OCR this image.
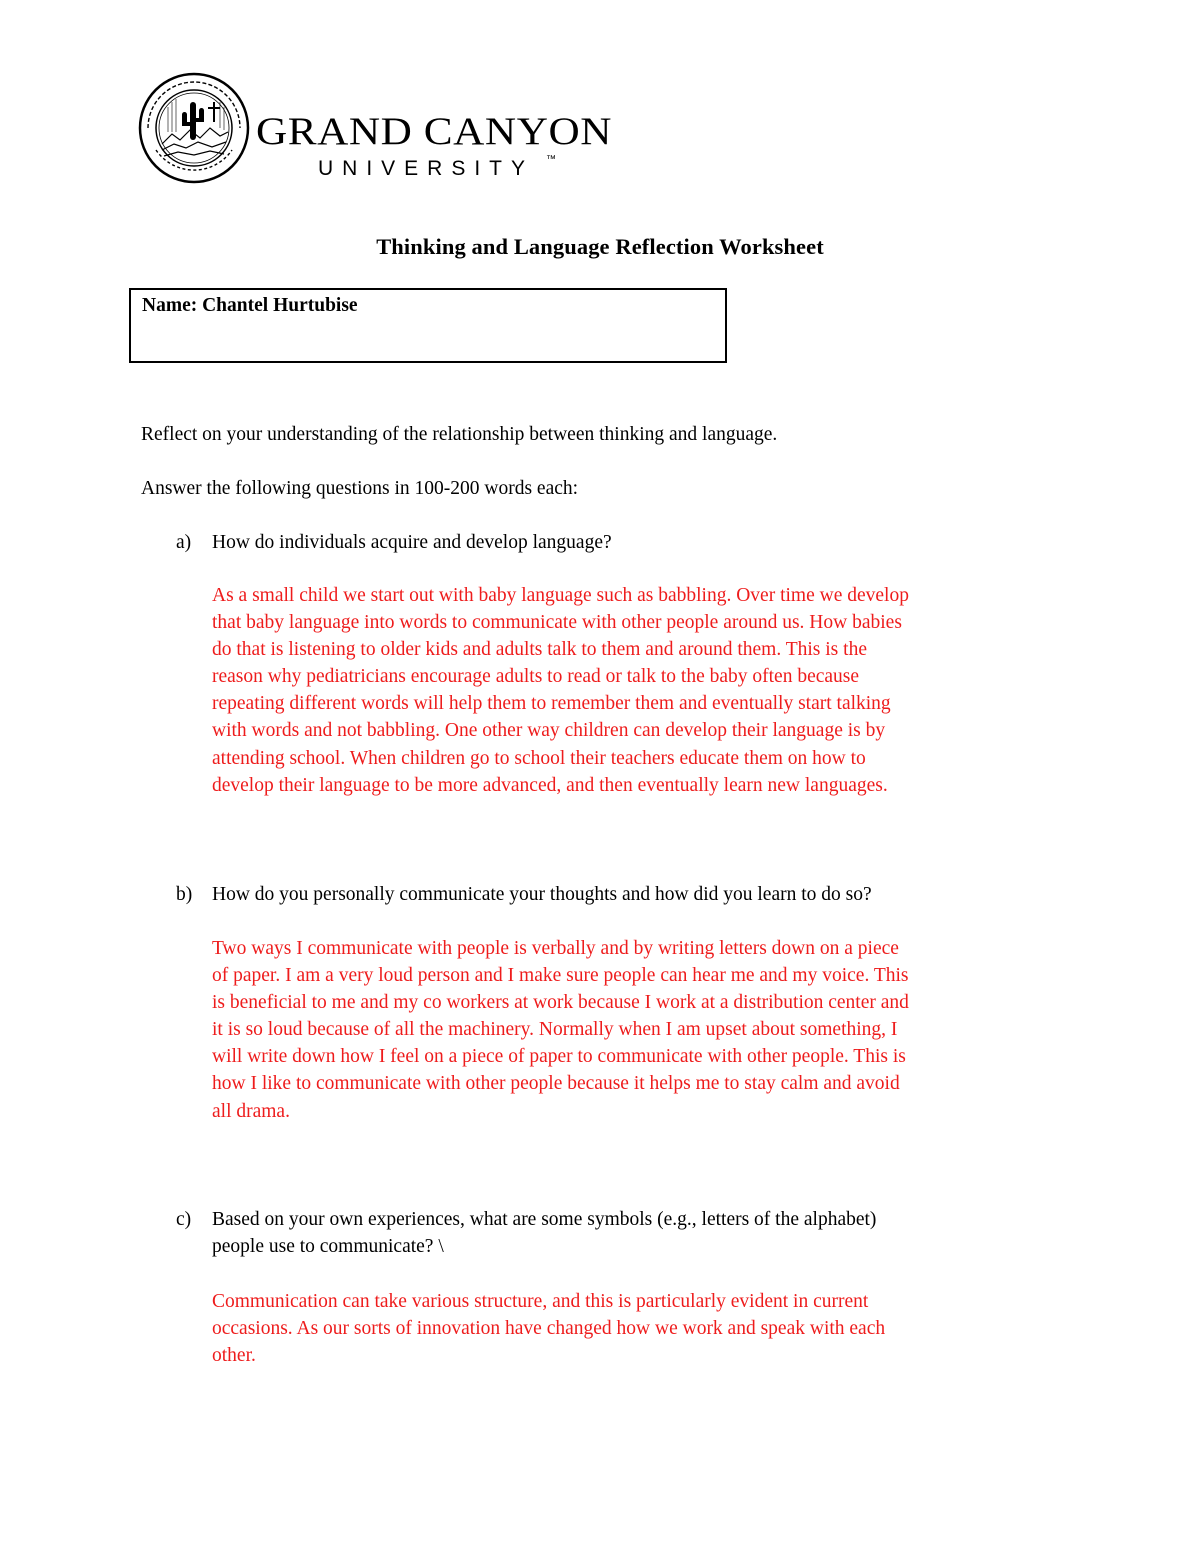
GRAND CANYON
UNIVERSITY ™
Thinking and Language Reflection Worksheet
Name: Chantel Hurtubise
Reflect on your understanding of the relationship between thinking and language.
Answer the following questions in 100-200 words each:
a) How do individuals acquire and develop language?
As a small child we start out with baby language such as babbling. Over time we develop
that baby language into words to communicate with other people around us. How babies
do that is listening to older kids and adults talk to them and around them. This is the
reason why pediatricians encourage adults to read or talk to the baby often because
repeating different words will help them to remember them and eventually start talking
with words and not babbling. One other way children can develop their language is by
attending school. When children go to school their teachers educate them on how to
develop their language to be more advanced, and then eventually learn new languages.
b) How do you personally communicate your thoughts and how did you learn to do so?
Two ways I communicate with people is verbally and by writing letters down on a piece
of paper. I am a very loud person and I make sure people can hear me and my voice. This
is beneficial to me and my co workers at work because I work at a distribution center and
it is so loud because of all the machinery. Normally when I am upset about something, I
will write down how I feel on a piece of paper to communicate with other people. This is
how I like to communicate with other people because it helps me to stay calm and avoid
all drama.
c) Based on your own experiences, what are some symbols (e.g., letters of the alphabet)
people use to communicate? \
Communication can take various structure, and this is particularly evident in current
occasions. As our sorts of innovation have changed how we work and speak with each
other.
